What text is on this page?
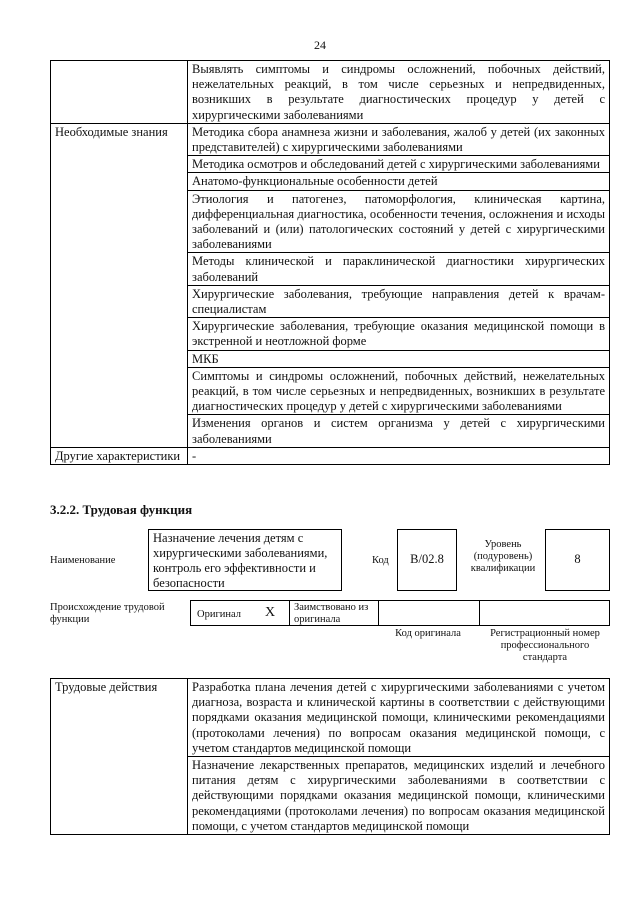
24
	Выявлять симптомы и синдромы осложнений, побочных действий, нежелательных реакций, в том числе серьезных и непредвиденных, возникших в результате диагностических процедур у детей с хирургическими заболеваниями
Необходимые знания	Методика сбора анамнеза жизни и заболевания, жалоб у детей (их законных представителей) с хирургическими заболеваниями
	Методика осмотров и обследований детей с хирургическими заболеваниями
	Анатомо-функциональные особенности детей
	Этиология и патогенез, патоморфология, клиническая картина, дифференциальная диагностика, особенности течения, осложнения и исходы заболеваний и (или) патологических состояний у детей с хирургическими заболеваниями
	Методы клинической и параклинической диагностики хирургических заболеваний
	Хирургические заболевания, требующие направления детей к врачам-специалистам
	Хирургические заболевания, требующие оказания медицинской помощи в экстренной и неотложной форме
	МКБ
	Симптомы и синдромы осложнений, побочных действий, нежелательных реакций, в том числе серьезных и непредвиденных, возникших в результате диагностических процедур у детей с хирургическими заболеваниями
	Изменения органов и систем организма у детей с хирургическими заболеваниями
Другие характеристики	-
3.2.2. Трудовая функция
Наименование
Назначение лечения детям с хирургическими заболеваниями, контроль его эффективности и безопасности
Код	В/02.8
Уровень (подуровень) квалификации
8
Происхождение трудовой функции	Оригинал	X Заимствовано из оригинала
Код оригинала	Регистрационный номер профессионального стандарта
Трудовые действия	Разработка плана лечения детей с хирургическими заболеваниями с учетом диагноза, возраста и клинической картины в соответствии с действующими порядками оказания медицинской помощи, клиническими рекомендациями (протоколами лечения) по вопросам оказания медицинской помощи, с учетом стандартов медицинской помощи
Назначение лекарственных препаратов, медицинских изделий и лечебного питания детям с хирургическими заболеваниями в соответствии с действующими порядками оказания медицинской помощи, клиническими рекомендациями (протоколами лечения) по вопросам оказания медицинской помощи, с учетом стандартов медицинской помощи
